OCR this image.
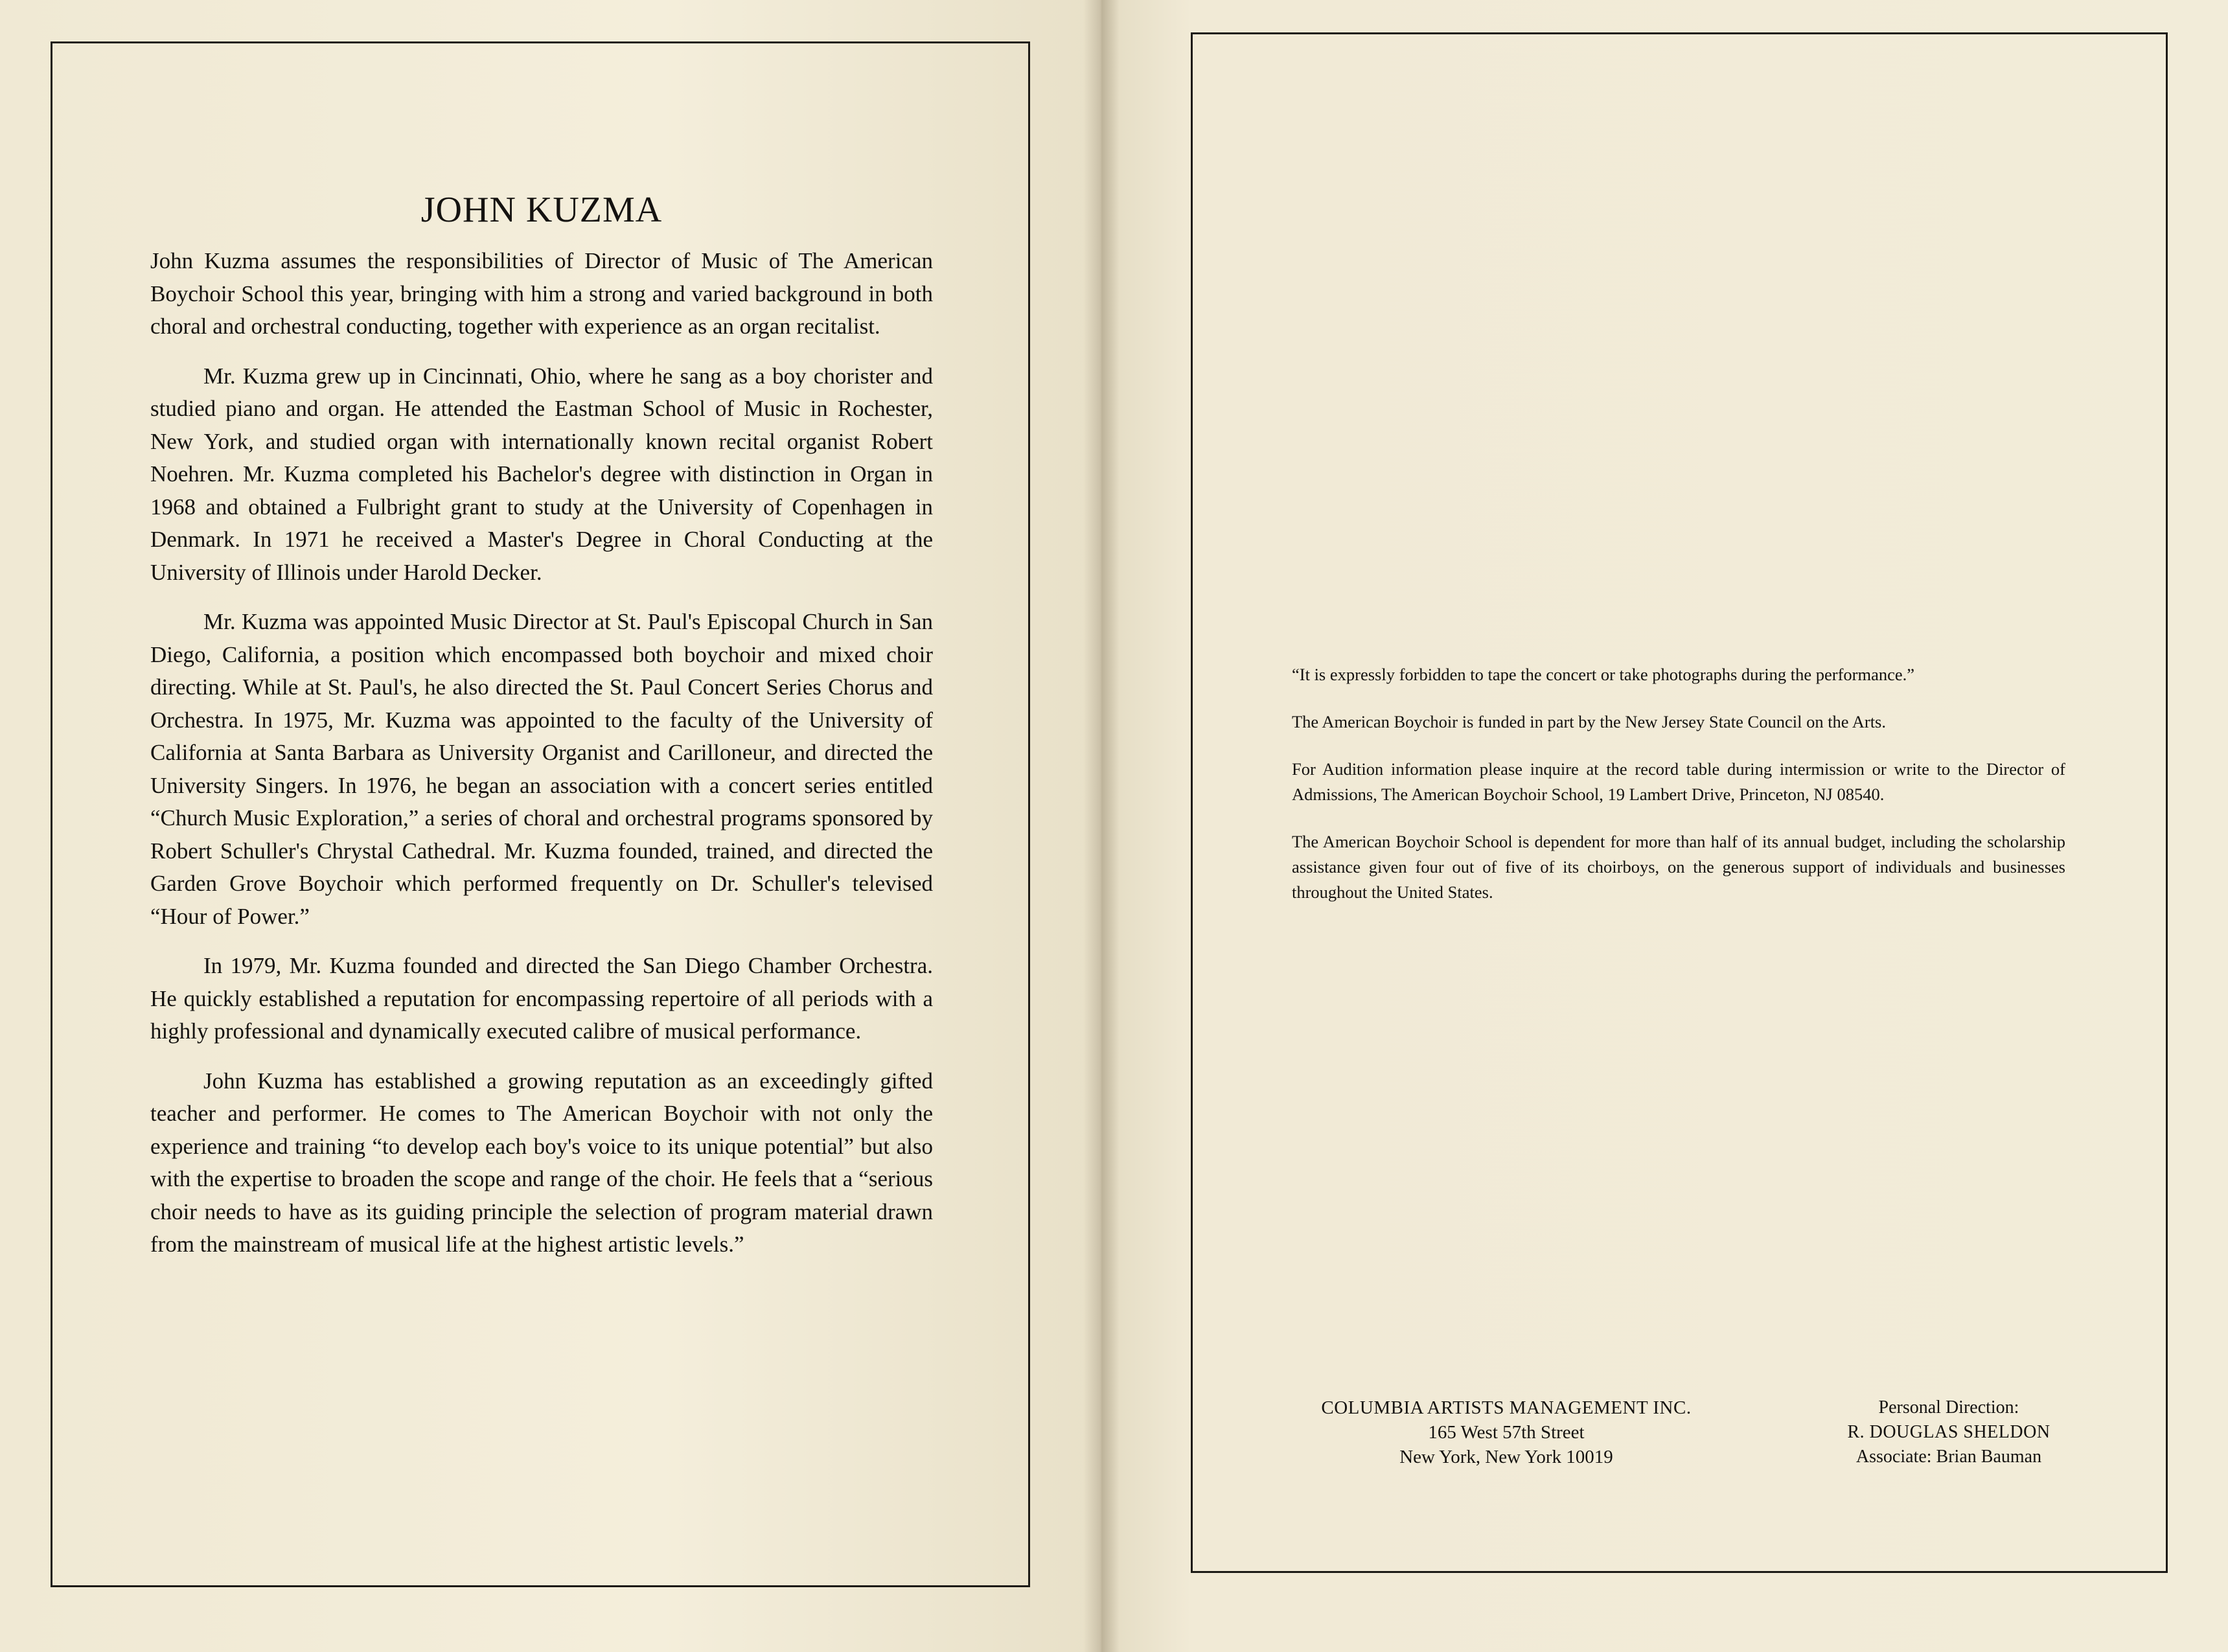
JOHN KUZMA

John Kuzma assumes the responsibilities of Director of Music of The American Boychoir School this year, bringing with him a strong and varied background in both choral and orchestral conducting, together with experience as an organ recitalist.

Mr. Kuzma grew up in Cincinnati, Ohio, where he sang as a boy chorister and studied piano and organ. He attended the Eastman School of Music in Rochester, New York, and studied organ with internationally known recital organist Robert Noehren. Mr. Kuzma completed his Bachelor's degree with distinction in Organ in 1968 and obtained a Fulbright grant to study at the University of Copenhagen in Denmark. In 1971 he received a Master's Degree in Choral Conducting at the University of Illinois under Harold Decker.

Mr. Kuzma was appointed Music Director at St. Paul's Episcopal Church in San Diego, California, a position which encompassed both boychoir and mixed choir directing. While at St. Paul's, he also directed the St. Paul Concert Series Chorus and Orchestra. In 1975, Mr. Kuzma was appointed to the faculty of the University of California at Santa Barbara as University Organist and Carilloneur, and directed the University Singers. In 1976, he began an association with a concert series entitled “Church Music Exploration,” a series of choral and orchestral programs sponsored by Robert Schuller's Chrystal Cathedral. Mr. Kuzma founded, trained, and directed the Garden Grove Boychoir which performed frequently on Dr. Schuller's televised “Hour of Power.”

In 1979, Mr. Kuzma founded and directed the San Diego Chamber Orchestra. He quickly established a reputation for encompassing repertoire of all periods with a highly professional and dynamically executed calibre of musical performance.

John Kuzma has established a growing reputation as an exceedingly gifted teacher and performer. He comes to The American Boychoir with not only the experience and training “to develop each boy's voice to its unique potential” but also with the expertise to broaden the scope and range of the choir. He feels that a “serious choir needs to have as its guiding principle the selection of program material drawn from the mainstream of musical life at the highest artistic levels.”

“It is expressly forbidden to tape the concert or take photographs during the performance.”

The American Boychoir is funded in part by the New Jersey State Council on the Arts.

For Audition information please inquire at the record table during intermission or write to the Director of Admissions, The American Boychoir School, 19 Lambert Drive, Princeton, NJ 08540.

The American Boychoir School is dependent for more than half of its annual budget, including the scholarship assistance given four out of five of its choirboys, on the generous support of individuals and businesses throughout the United States.

COLUMBIA ARTISTS MANAGEMENT INC.
165 West 57th Street
New York, New York 10019
Personal Direction:
R. DOUGLAS SHELDON
Associate: Brian Bauman
